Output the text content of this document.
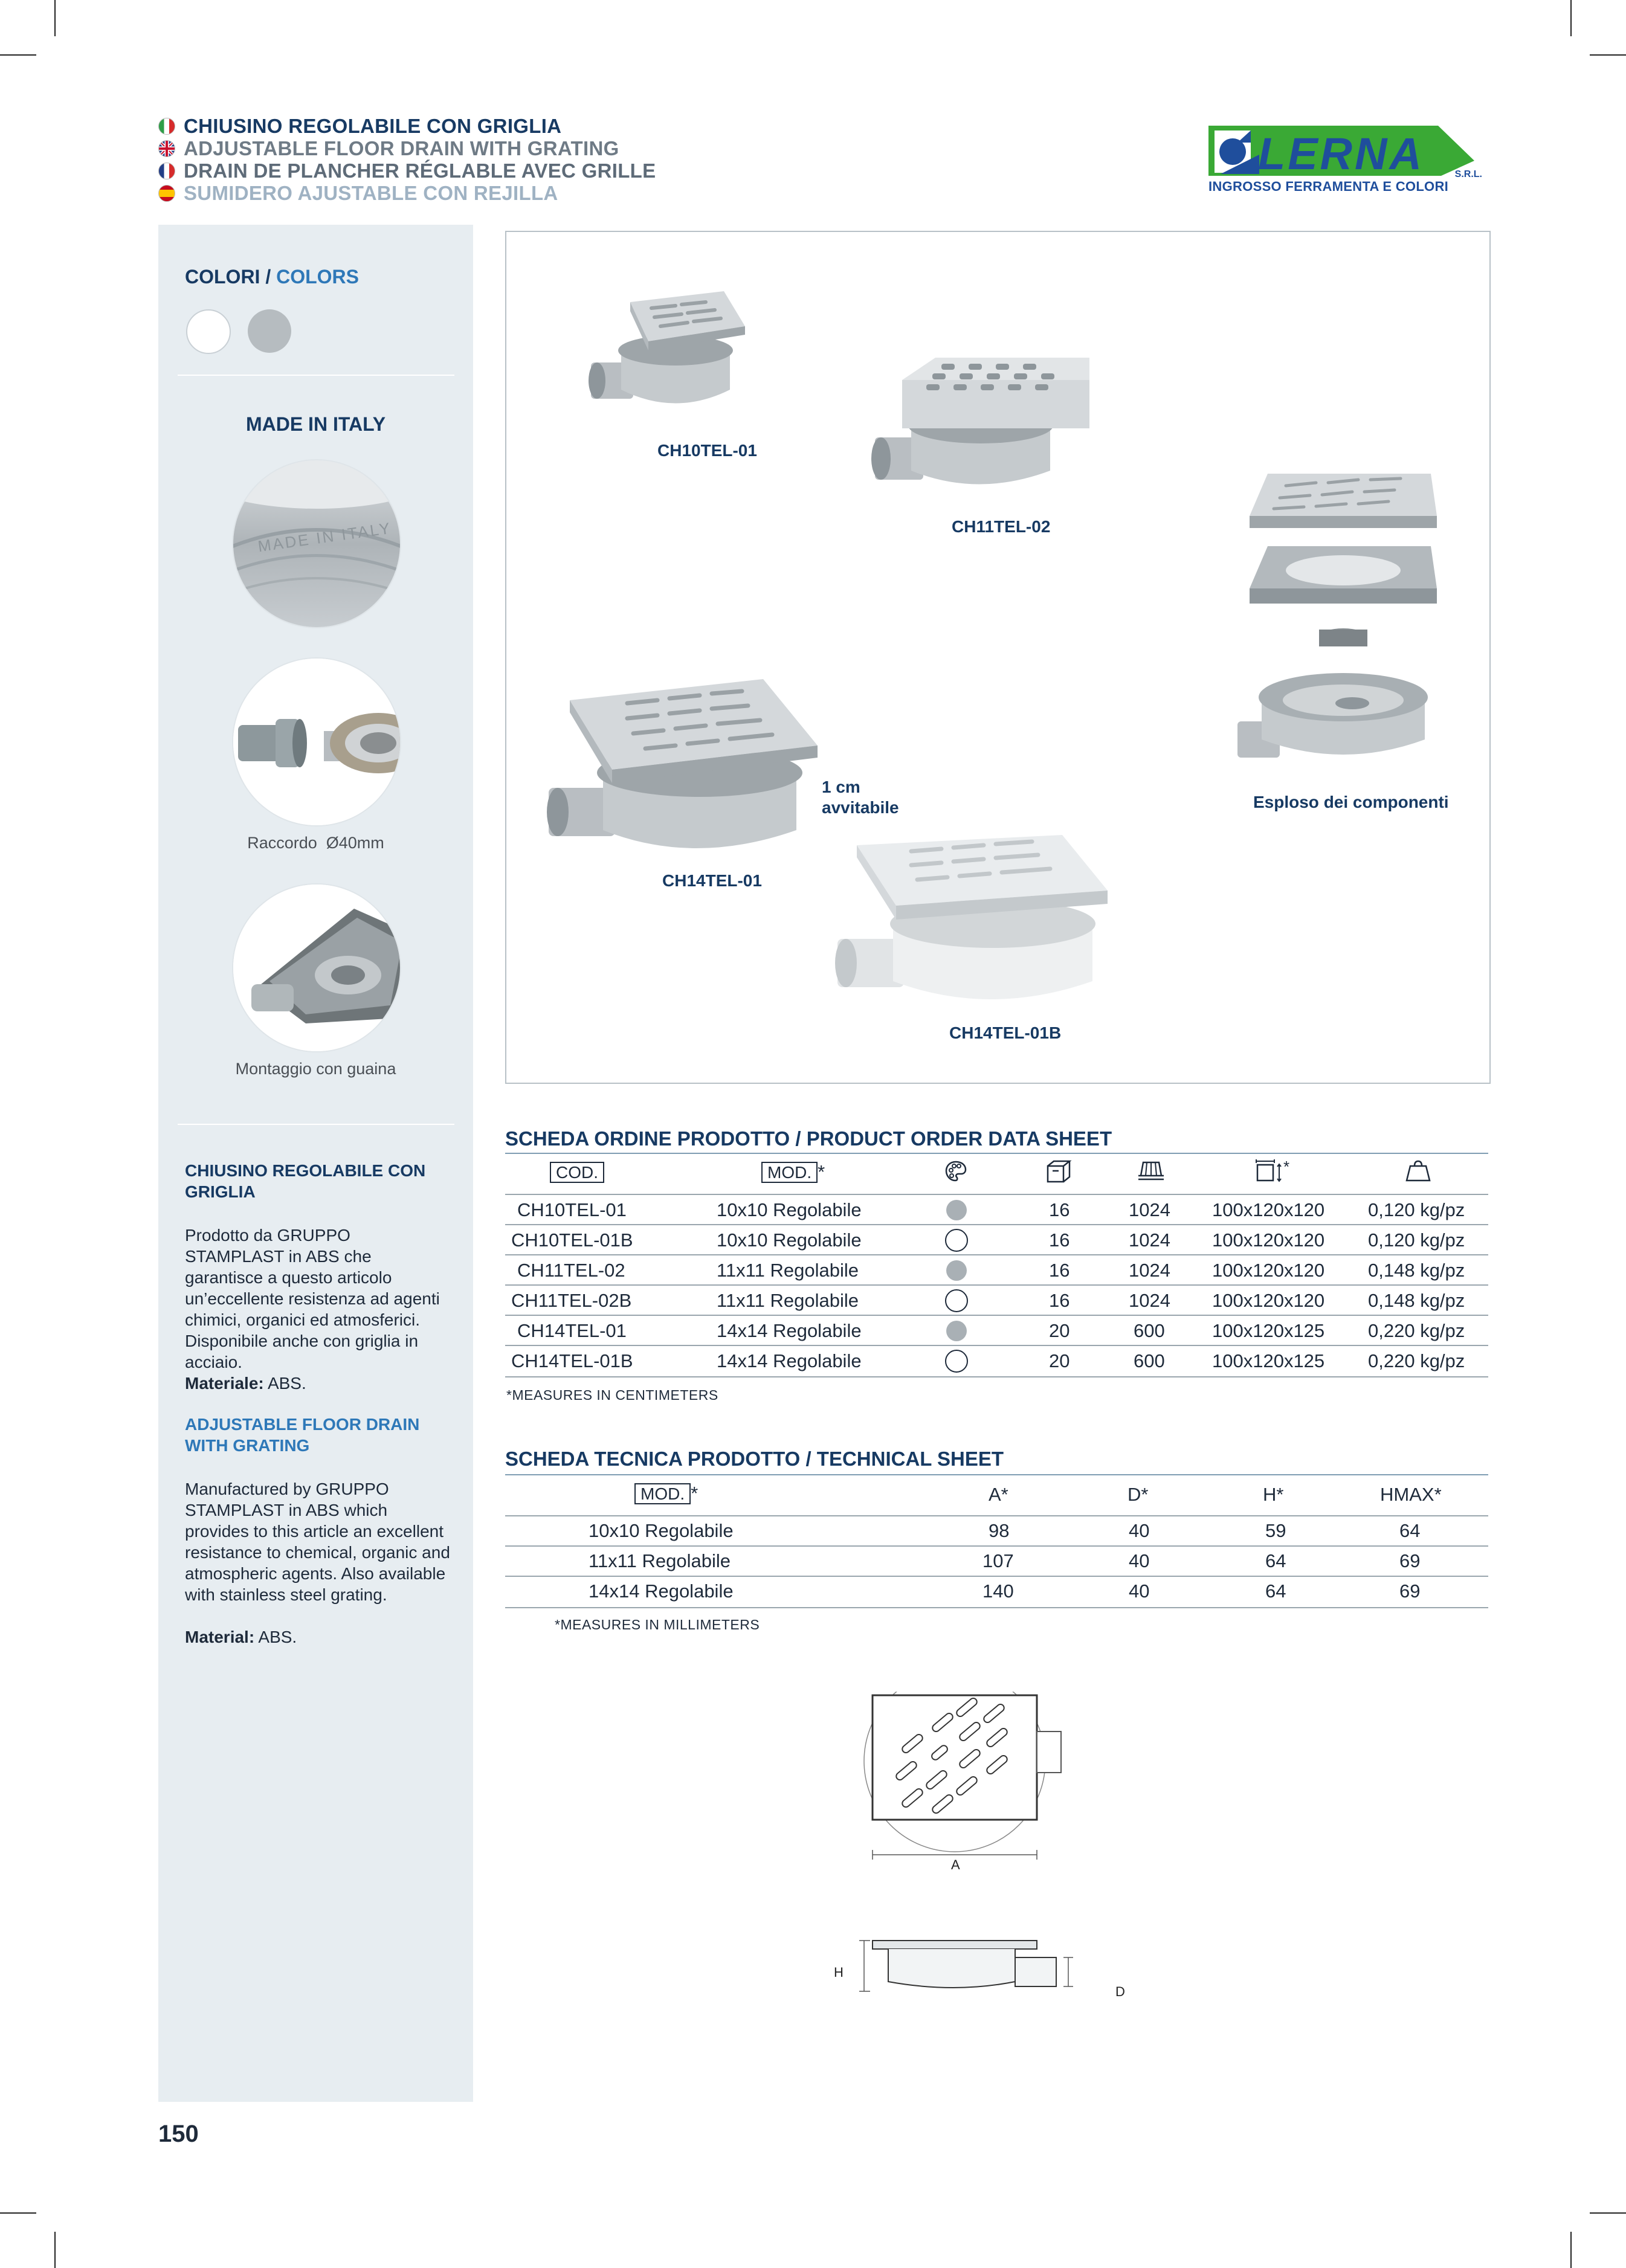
CHIUSINO REGOLABILE CON GRIGLIA
ADJUSTABLE FLOOR DRAIN WITH GRATING
DRAIN DE PLANCHER RÉGLABLE AVEC GRILLE
SUMIDERO AJUSTABLE CON REJILLA
LERNA	S.R.L.
INGROSSO FERRAMENTA E COLORI
COLORI / COLORS
MADE IN ITALY
MADE IN ITALY
Raccordo  Ø40mm
Montaggio con guaina
CHIUSINO REGOLABILE CON GRIGLIA
Prodotto da GRUPPO STAMPLAST in ABS che garantisce a questo articolo un’eccellente resistenza ad agenti chimici, organici ed atmosferici. Disponibile anche con griglia in acciaio.
Materiale: ABS.
ADJUSTABLE FLOOR DRAIN WITH GRATING
Manufactured by GRUPPO STAMPLAST in ABS which provides to this article an excellent resistance to chemical, organic and atmospheric agents. Also available with stainless steel grating.
Material: ABS.
CH10TEL-01
CH11TEL-02
Esploso dei componenti
1 cm
avvitabile
CH14TEL-01
CH14TEL-01B
SCHEDA ORDINE PRODOTTO / PRODUCT ORDER DATA SHEET
COD.	MOD. *	*
CH10TEL-01	10x10 Regolabile	16	1024 100x120x120 0,120 kg/pz
CH10TEL-01B	10x10 Regolabile	16	1024 100x120x120 0,120 kg/pz
CH11TEL-02	11x11 Regolabile	16	1024 100x120x120 0,148 kg/pz
CH11TEL-02B	11x11 Regolabile	16	1024 100x120x120 0,148 kg/pz
CH14TEL-01	14x14 Regolabile	20	600	100x120x125 0,220 kg/pz
CH14TEL-01B	14x14 Regolabile	20	600	100x120x125 0,220 kg/pz
*MEASURES IN CENTIMETERS
SCHEDA TECNICA PRODOTTO / TECHNICAL SHEET
MOD. *	A*	D*	H*	HMAX*
10x10 Regolabile	98	40	59	64
11x11 Regolabile	107	40	64	69
14x14 Regolabile	140	40	64	69
*MEASURES IN MILLIMETERS
A
H
D
150
